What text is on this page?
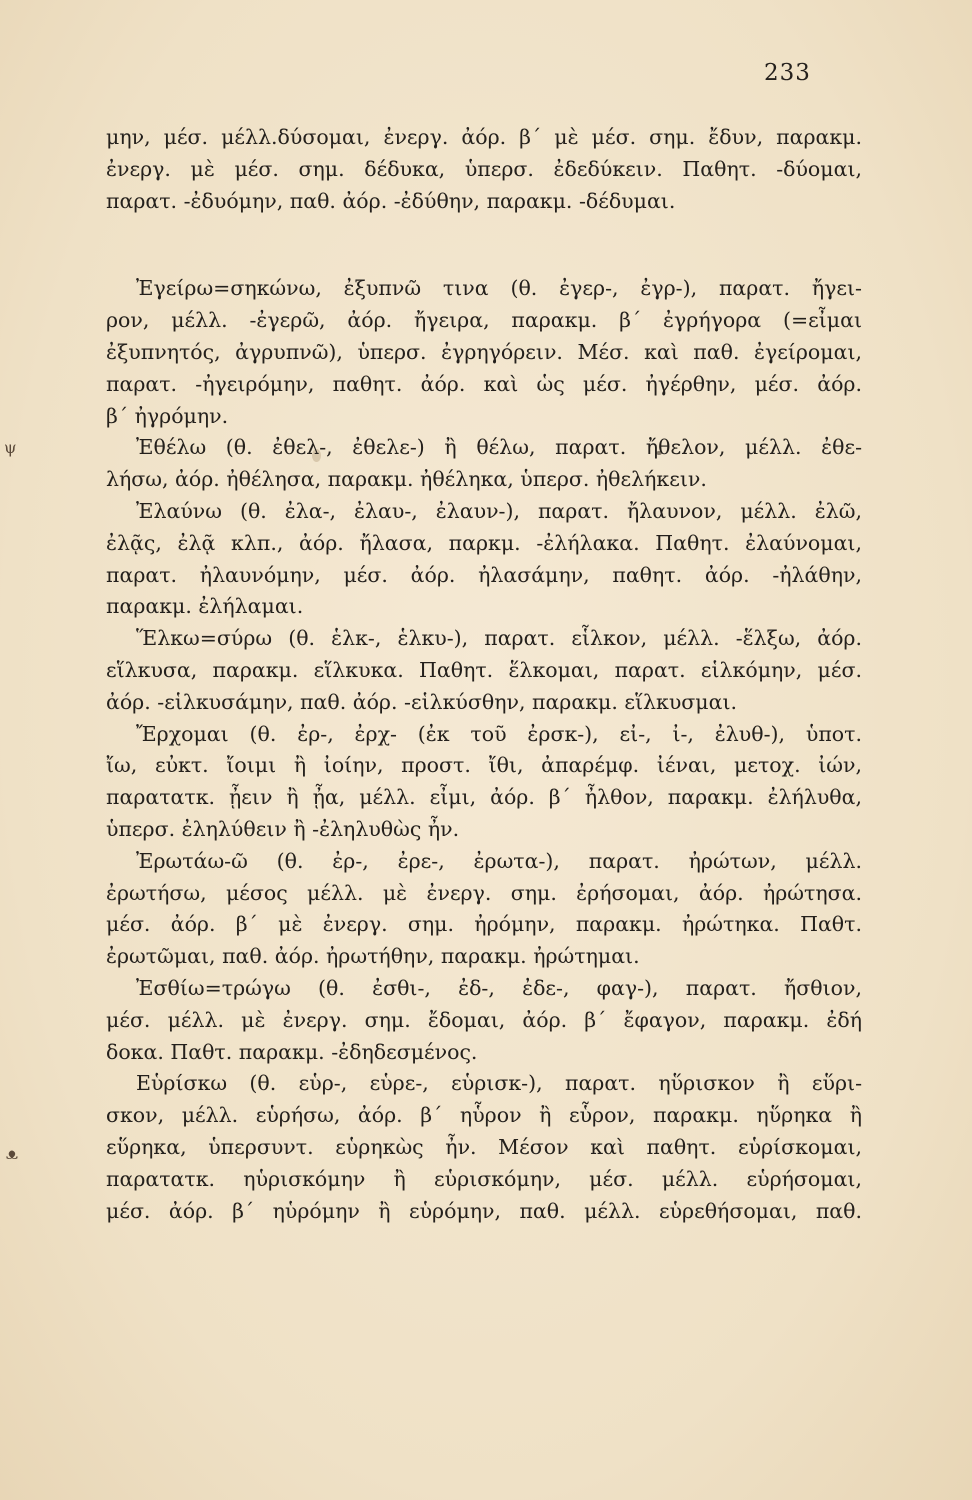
233
ψ
ᴥ
μην, μέσ. μέλλ.δύσομαι, ἐνεργ. ἀόρ. β΄ μὲ μέσ. σημ. ἔδυν, παρακμ.
ἐνεργ. μὲ μέσ. σημ. δέδυκα, ὑπερσ. ἐδεδύκειν. Παθητ. -δύομαι,
παρατ. -ἐδυόμην, παθ. ἀόρ. -ἐδύθην, παρακμ. -δέδυμαι.
Ἐγείρω=σηκώνω, ἐξυπνῶ τινα (θ. ἐγερ-, ἐγρ-), παρατ. ἤγει-
ρον, μέλλ. -ἐγερῶ, ἀόρ. ἤγειρα, παρακμ. β΄ ἐγρήγορα (=εἶμαι
ἐξυπνητός, ἀγρυπνῶ), ὑπερσ. ἐγρηγόρειν. Μέσ. καὶ παθ. ἐγείρομαι,
παρατ. -ἠγειρόμην, παθητ. ἀόρ. καὶ ὡς μέσ. ἠγέρθην, μέσ. ἀόρ.
β΄ ἠγρόμην.
Ἐθέλω (θ. ἐθελ-, ἐθελε-) ἢ θέλω, παρατ. ἤθελον, μέλλ. ἐθε-
λήσω, ἀόρ. ἠθέλησα, παρακμ. ἠθέληκα, ὑπερσ. ἠθελήκειν.
Ἐλαύνω (θ. ἐλα-, ἐλαυ-, ἐλαυν-), παρατ. ἤλαυνον, μέλλ. ἐλῶ,
ἐλᾷς, ἐλᾷ κλπ., ἀόρ. ἤλασα, παρκμ. -ἐλήλακα. Παθητ. ἐλαύνομαι,
παρατ. ἠλαυνόμην, μέσ. ἀόρ. ἠλασάμην, παθητ. ἀόρ. -ἠλάθην,
παρακμ. ἐλήλαμαι.
Ἕλκω=σύρω (θ. ἑλκ-, ἑλκυ-), παρατ. εἷλκον, μέλλ. -ἕλξω, ἀόρ.
εἵλκυσα, παρακμ. εἵλκυκα. Παθητ. ἕλκομαι, παρατ. εἱλκόμην, μέσ.
ἀόρ. -εἱλκυσάμην, παθ. ἀόρ. -εἱλκύσθην, παρακμ. εἵλκυσμαι.
Ἔρχομαι (θ. ἐρ-, ἐρχ- (ἐκ τοῦ ἐρσκ-), εἰ-, ἰ-, ἐλυθ-), ὑποτ.
ἴω, εὐκτ. ἴοιμι ἢ ἰοίην, προστ. ἴθι, ἀπαρέμφ. ἰέναι, μετοχ. ἰών,
παρατατκ. ᾖειν ἢ ᾖα, μέλλ. εἶμι, ἀόρ. β΄ ἦλθον, παρακμ. ἐλήλυθα,
ὑπερσ. ἐληλύθειν ἢ -ἐληλυθὼς ἦν.
Ἐρωτάω-ῶ (θ. ἐρ-, ἐρε-, ἐρωτα-), παρατ. ἠρώτων, μέλλ.
ἐρωτήσω, μέσος μέλλ. μὲ ἐνεργ. σημ. ἐρήσομαι, ἀόρ. ἠρώτησα.
μέσ. ἀόρ. β΄ μὲ ἐνεργ. σημ. ἠρόμην, παρακμ. ἠρώτηκα. Παθτ.
ἐρωτῶμαι, παθ. ἀόρ. ἠρωτήθην, παρακμ. ἠρώτημαι.
Ἐσθίω=τρώγω (θ. ἐσθι-, ἐδ-, ἐδε-, φαγ-), παρατ. ἤσθιον,
μέσ. μέλλ. μὲ ἐνεργ. σημ. ἔδομαι, ἀόρ. β΄ ἔφαγον, παρακμ. ἐδή
δοκα. Παθτ. παρακμ. -ἐδηδεσμένος.
Εὑρίσκω (θ. εὑρ-, εὑρε-, εὑρισκ-), παρατ. ηὕρισκον ἢ εὕρι-
σκον, μέλλ. εὑρήσω, ἀόρ. β΄ ηὗρον ἢ εὗρον, παρακμ. ηὕρηκα ἢ
εὕρηκα, ὑπερσυντ. εὑρηκὼς ἦν. Μέσον καὶ παθητ. εὑρίσκομαι,
παρατατκ. ηὑρισκόμην ἢ εὑρισκόμην, μέσ. μέλλ. εὑρήσομαι,
μέσ. ἀόρ. β΄ ηὑρόμην ἢ εὑρόμην, παθ. μέλλ. εὑρεθήσομαι, παθ.
